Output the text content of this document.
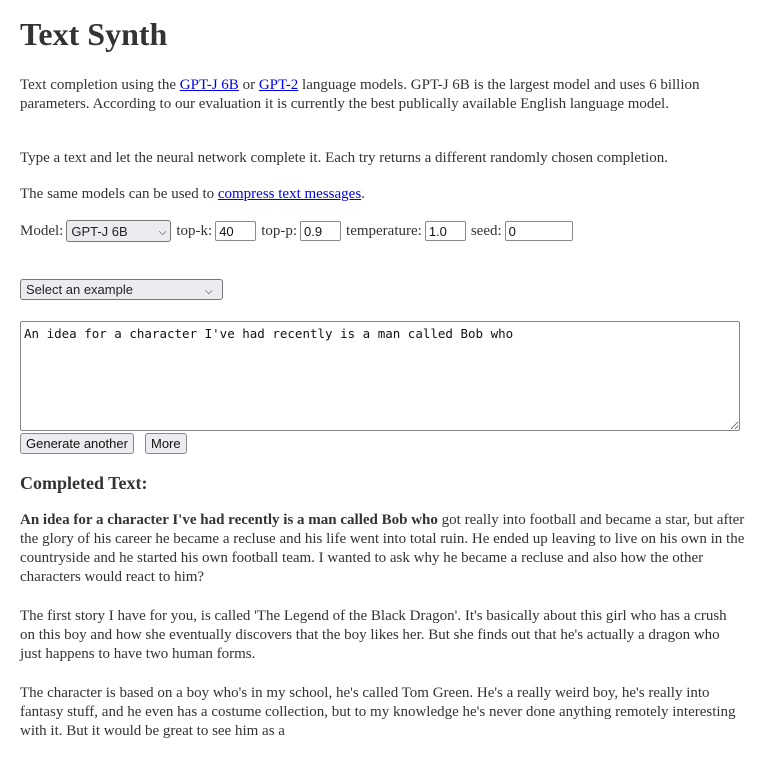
Text Synth

Text completion using the GPT-J 6B or GPT-2 language models. GPT-J 6B is the largest model and uses 6 billion parameters. According to our evaluation it is currently the best publically available English language model.

Type a text and let the neural network complete it. Each try returns a different randomly chosen completion.

The same models can be used to compress text messages.

Model:
GPT-J 6B	⌵ top-k:
40	top-p:
0.9	temperature:
1.0	seed:
0
Select an example
⌵
An idea for a character I've had recently is a man called Bob who
Generate another	More
Completed Text:

An idea for a character I've had recently is a man called Bob who got really into football and became a star, but after the glory of his career he became a recluse and his life went into total ruin. He ended up leaving to live on his own in the countryside and he started his own football team. I wanted to ask why he became a recluse and also how the other characters would react to him?

The first story I have for you, is called 'The Legend of the Black Dragon'. It's basically about this girl who has a crush on this boy and how she eventually discovers that the boy likes her. But she finds out that he's actually a dragon who just happens to have two human forms.

The character is based on a boy who's in my school, he's called Tom Green. He's a really weird boy, he's really into fantasy stuff, and he even has a costume collection, but to my knowledge he's never done anything remotely interesting with it. But it would be great to see him as a
